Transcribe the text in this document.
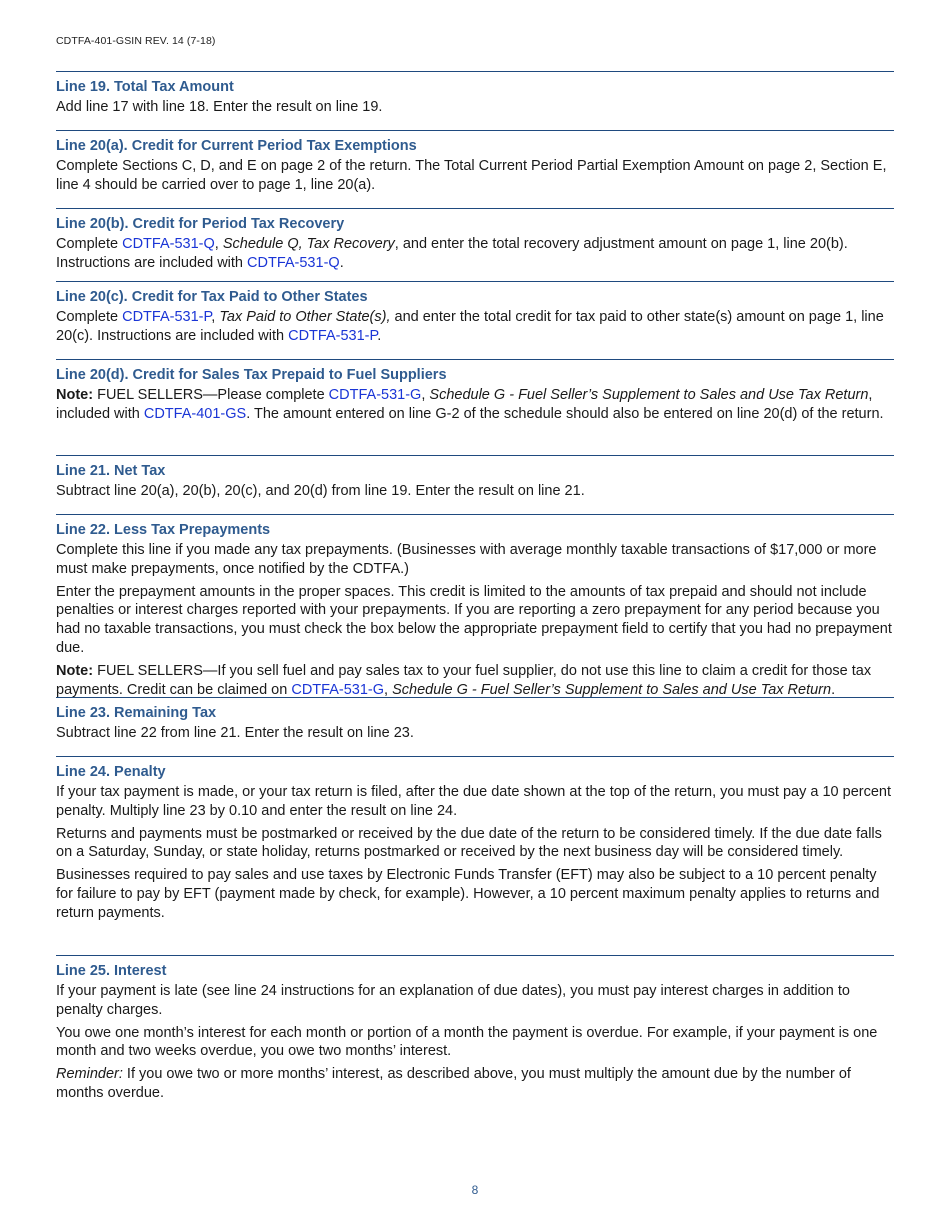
CDTFA-401-GSIN REV. 14 (7-18)
Line 19. Total Tax Amount

Add line 17 with line 18. Enter the result on line 19.

Line 20(a). Credit for Current Period Tax Exemptions

Complete Sections C, D, and E on page 2 of the return. The Total Current Period Partial Exemption Amount on page 2, Section E, line 4 should be carried over to page 1, line 20(a).

Line 20(b). Credit for Period Tax Recovery

Complete CDTFA-531-Q, Schedule Q, Tax Recovery, and enter the total recovery adjustment amount on page 1, line 20(b). Instructions are included with CDTFA-531-Q.

Line 20(c). Credit for Tax Paid to Other States

Complete CDTFA-531-P, Tax Paid to Other State(s), and enter the total credit for tax paid to other state(s) amount on page 1, line 20(c). Instructions are included with CDTFA-531-P.

Line 20(d). Credit for Sales Tax Prepaid to Fuel Suppliers

Note: FUEL SELLERS—Please complete CDTFA-531-G, Schedule G - Fuel Seller’s Supplement to Sales and Use Tax Return, included with CDTFA-401-GS. The amount entered on line G-2 of the schedule should also be entered on line 20(d) of the return.

Line 21. Net Tax

Subtract line 20(a), 20(b), 20(c), and 20(d) from line 19. Enter the result on line 21.

Line 22. Less Tax Prepayments

Complete this line if you made any tax prepayments. (Businesses with average monthly taxable transactions of $17,000 or more must make prepayments, once notified by the CDTFA.)

Enter the prepayment amounts in the proper spaces. This credit is limited to the amounts of tax prepaid and should not include penalties or interest charges reported with your prepayments. If you are reporting a zero prepayment for any period because you had no taxable transactions, you must check the box below the appropriate prepayment field to certify that you had no prepayment due.

Note: FUEL SELLERS—If you sell fuel and pay sales tax to your fuel supplier, do not use this line to claim a credit for those tax payments. Credit can be claimed on CDTFA-531-G, Schedule G - Fuel Seller’s Supplement to Sales and Use Tax Return.

Line 23. Remaining Tax

Subtract line 22 from line 21. Enter the result on line 23.

Line 24. Penalty

If your tax payment is made, or your tax return is filed, after the due date shown at the top of the return, you must pay a 10 percent penalty. Multiply line 23 by 0.10 and enter the result on line 24.

Returns and payments must be postmarked or received by the due date of the return to be considered timely. If the due date falls on a Saturday, Sunday, or state holiday, returns postmarked or received by the next business day will be considered timely.

Businesses required to pay sales and use taxes by Electronic Funds Transfer (EFT) may also be subject to a 10 percent penalty for failure to pay by EFT (payment made by check, for example). However, a 10 percent maximum penalty applies to returns and return payments.

Line 25. Interest

If your payment is late (see line 24 instructions for an explanation of due dates), you must pay interest charges in addition to penalty charges.

You owe one month’s interest for each month or portion of a month the payment is overdue. For example, if your payment is one month and two weeks overdue, you owe two months’ interest.

Reminder: If you owe two or more months’ interest, as described above, you must multiply the amount due by the number of months overdue.

8
